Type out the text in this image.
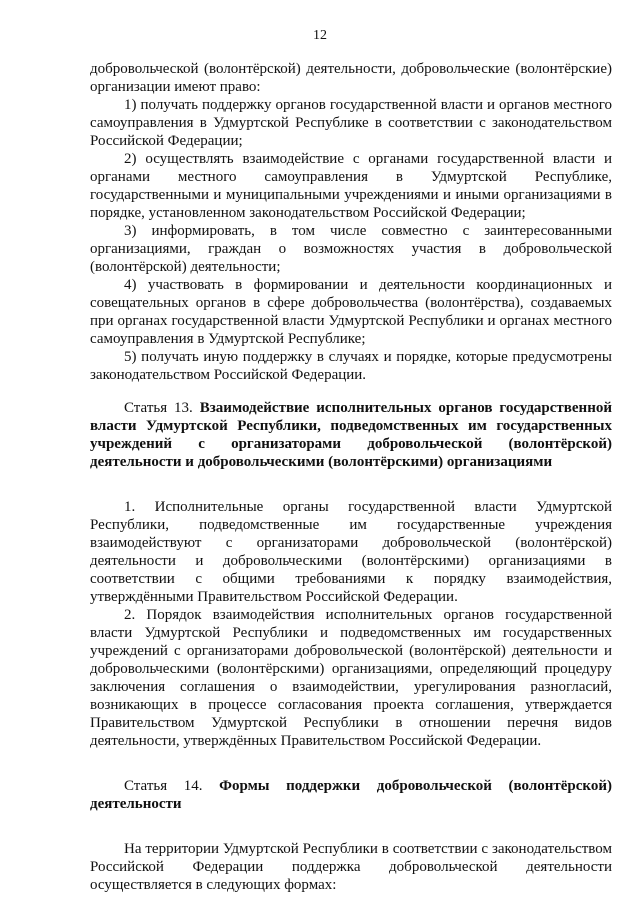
12

добровольческой (волонтёрской) деятельности, добровольческие (волонтёрские) организации имеют право:

1) получать поддержку органов государственной власти и органов местного самоуправления в Удмуртской Республике в соответствии с законодательством Российской Федерации;

2) осуществлять взаимодействие с органами государственной власти и органами местного самоуправления в Удмуртской Республике, государственными и муниципальными учреждениями и иными организациями в порядке, установленном законодательством Российской Федерации;

3) информировать, в том числе совместно с заинтересованными организациями, граждан о возможностях участия в добровольческой (волонтёрской) деятельности;

4) участвовать в формировании и деятельности координационных и совещательных органов в сфере добровольчества (волонтёрства), создаваемых при органах государственной власти Удмуртской Республики и органах местного самоуправления в Удмуртской Республике;

5) получать иную поддержку в случаях и порядке, которые предусмотрены законодательством Российской Федерации.

Статья 13. Взаимодействие исполнительных органов государственной власти Удмуртской Республики, подведомственных им государственных учреждений с организаторами добровольческой (волонтёрской) деятельности и добровольческими (волонтёрскими) организациями

1. Исполнительные органы государственной власти Удмуртской Республики, подведомственные им государственные учреждения взаимодействуют с организаторами добровольческой (волонтёрской) деятельности и добровольческими (волонтёрскими) организациями в соответствии с общими требованиями к порядку взаимодействия, утверждёнными Правительством Российской Федерации.

2. Порядок взаимодействия исполнительных органов государственной власти Удмуртской Республики и подведомственных им государственных учреждений с организаторами добровольческой (волонтёрской) деятельности и добровольческими (волонтёрскими) организациями, определяющий процедуру заключения соглашения о взаимодействии, урегулирования разногласий, возникающих в процессе согласования проекта соглашения, утверждается Правительством Удмуртской Республики в отношении перечня видов деятельности, утверждённых Правительством Российской Федерации.

Статья 14. Формы поддержки добровольческой (волонтёрской) деятельности

На территории Удмуртской Республики в соответствии с законодательством Российской Федерации поддержка добровольческой деятельности осуществляется в следующих формах:
